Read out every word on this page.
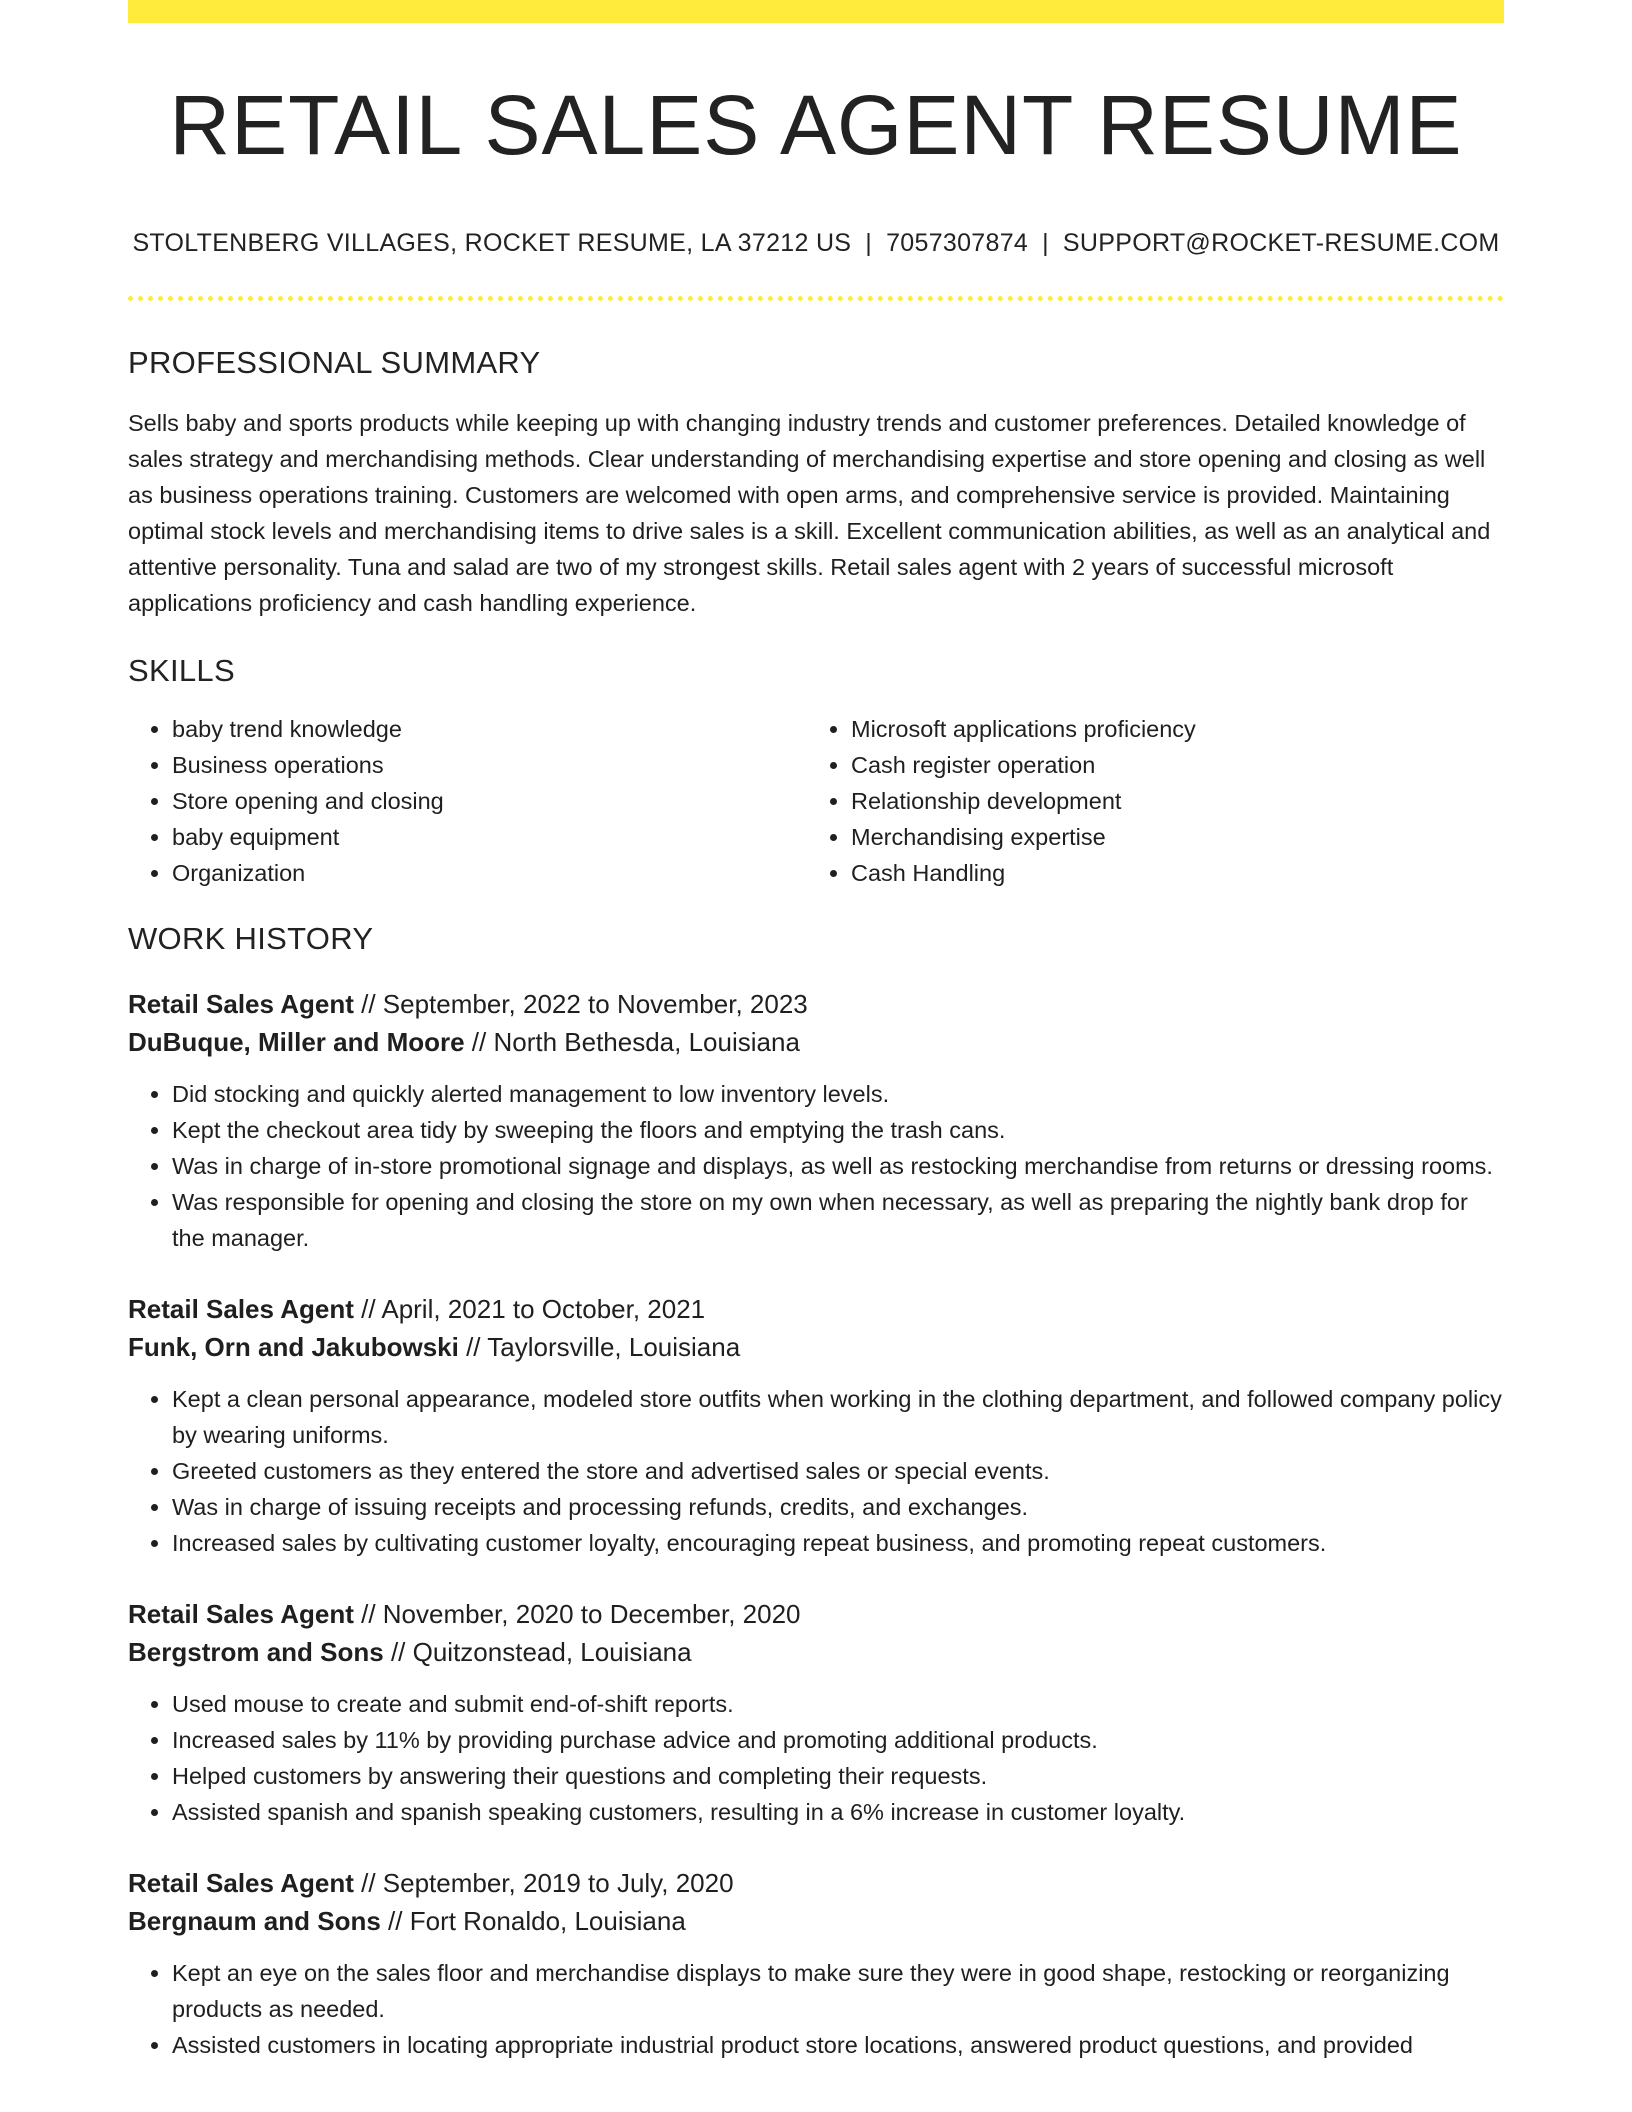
RETAIL SALES AGENT RESUME
STOLTENBERG VILLAGES, ROCKET RESUME, LA 37212 US | 7057307874 | SUPPORT@ROCKET-RESUME.COM
PROFESSIONAL SUMMARY
Sells baby and sports products while keeping up with changing industry trends and customer preferences. Detailed knowledge of sales strategy and merchandising methods. Clear understanding of merchandising expertise and store opening and closing as well as business operations training. Customers are welcomed with open arms, and comprehensive service is provided. Maintaining optimal stock levels and merchandising items to drive sales is a skill. Excellent communication abilities, as well as an analytical and attentive personality. Tuna and salad are two of my strongest skills. Retail sales agent with 2 years of successful microsoft applications proficiency and cash handling experience.
SKILLS
• baby trend knowledge
• Business operations
• Store opening and closing
• baby equipment
• Organization
• Microsoft applications proficiency
• Cash register operation
• Relationship development
• Merchandising expertise
• Cash Handling
WORK HISTORY
Retail Sales Agent // September, 2022 to November, 2023
DuBuque, Miller and Moore // North Bethesda, Louisiana
• Did stocking and quickly alerted management to low inventory levels.
• Kept the checkout area tidy by sweeping the floors and emptying the trash cans.
• Was in charge of in-store promotional signage and displays, as well as restocking merchandise from returns or dressing rooms.
• Was responsible for opening and closing the store on my own when necessary, as well as preparing the nightly bank drop for the manager.
Retail Sales Agent // April, 2021 to October, 2021
Funk, Orn and Jakubowski // Taylorsville, Louisiana
• Kept a clean personal appearance, modeled store outfits when working in the clothing department, and followed company policy by wearing uniforms.
• Greeted customers as they entered the store and advertised sales or special events.
• Was in charge of issuing receipts and processing refunds, credits, and exchanges.
• Increased sales by cultivating customer loyalty, encouraging repeat business, and promoting repeat customers.
Retail Sales Agent // November, 2020 to December, 2020
Bergstrom and Sons // Quitzonstead, Louisiana
• Used mouse to create and submit end-of-shift reports.
• Increased sales by 11% by providing purchase advice and promoting additional products.
• Helped customers by answering their questions and completing their requests.
• Assisted spanish and spanish speaking customers, resulting in a 6% increase in customer loyalty.
Retail Sales Agent // September, 2019 to July, 2020
Bergnaum and Sons // Fort Ronaldo, Louisiana
• Kept an eye on the sales floor and merchandise displays to make sure they were in good shape, restocking or reorganizing products as needed.
• Assisted customers in locating appropriate industrial product store locations, answered product questions, and provided
